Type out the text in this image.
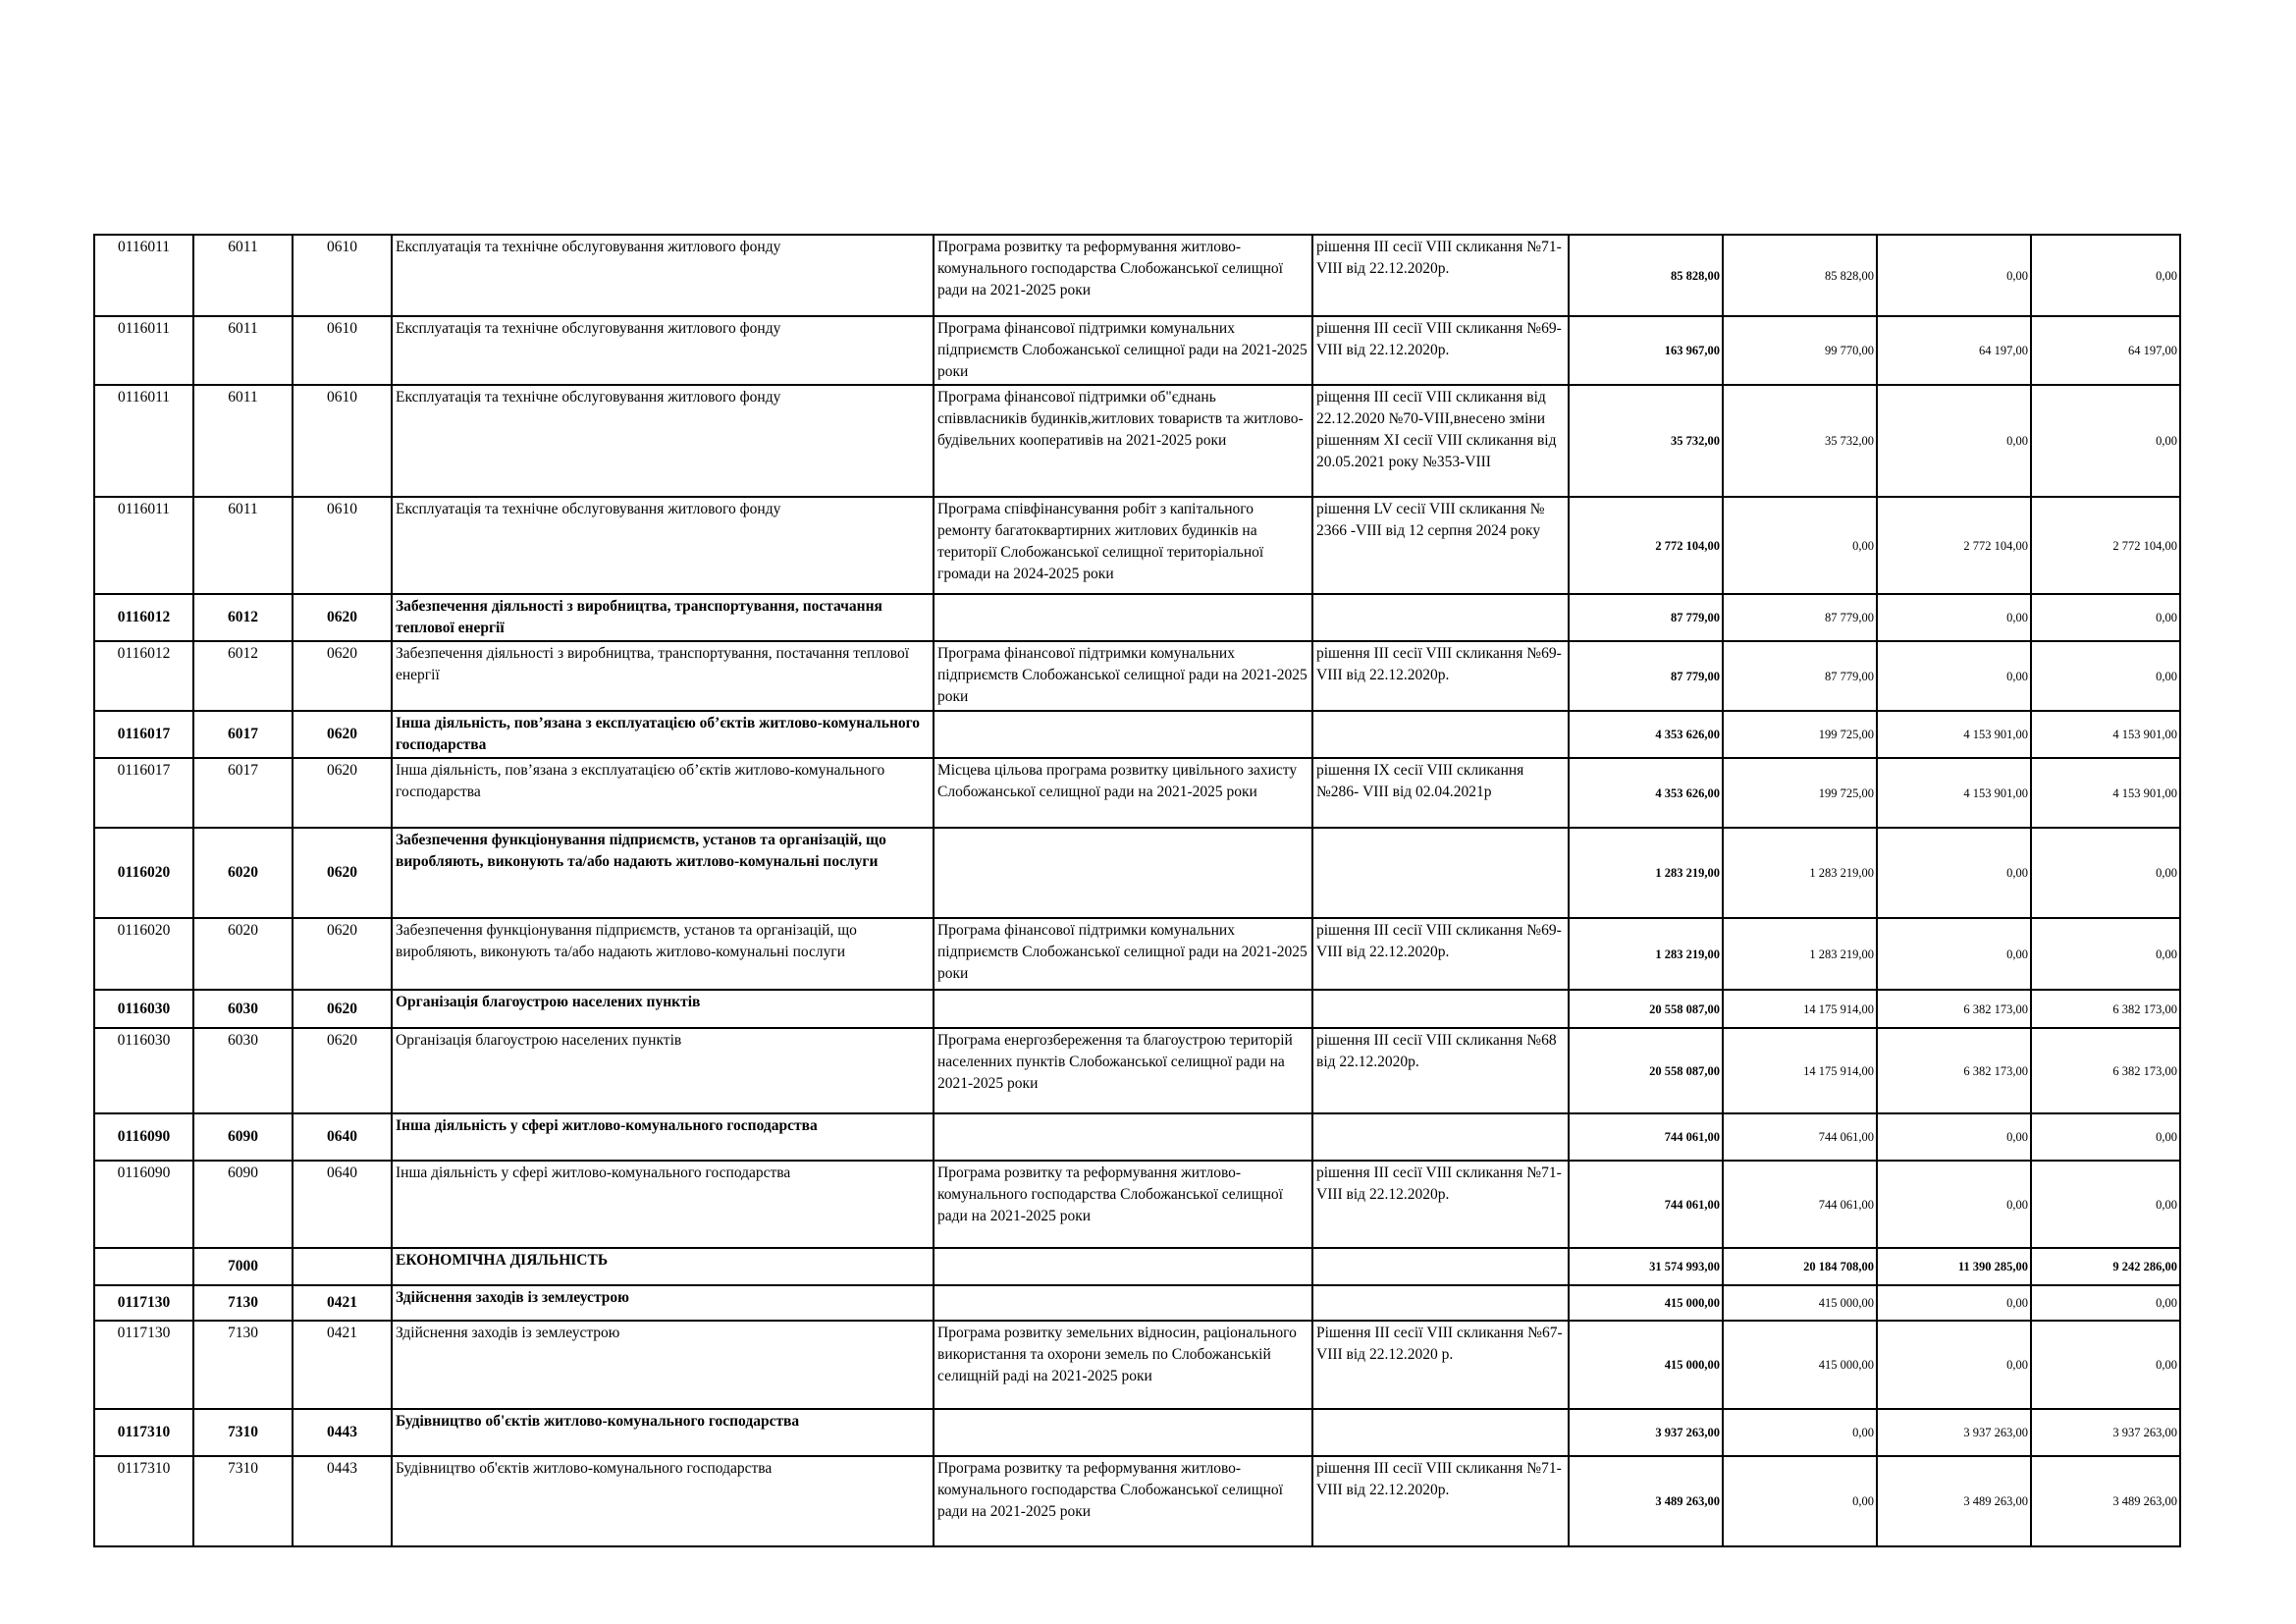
0116011	6011	0610	Експлуатація та технічне обслуговування житлового фонду	Програма розвитку та реформування житлово-комунального господарства Слобожанської селищної ради на 2021-2025 роки	рішення ІІІ сесії VIII скликання №71- VIII від 22.12.2020р.	85 828,00	85 828,00	0,00	0,00
0116011	6011	0610	Експлуатація та технічне обслуговування житлового фонду	Програма фінансової підтримки комунальних підприємств Слобожанської селищної ради на 2021-2025 роки	рішення ІІІ сесії VIII скликання №69- VIII від 22.12.2020р.	163 967,00	99 770,00	64 197,00	64 197,00
0116011	6011	0610	Експлуатація та технічне обслуговування житлового фонду	Програма фінансової підтримки об"єднань співвласників будинків,житлових товариств та житлово-будівельних кооперативів на 2021-2025 роки	ріщення ІІІ сесії VIII скликання від 22.12.2020 №70-VIII,внесено зміни рішенням ХІ сесії VIII скликання від 20.05.2021 року №353-VIII	35 732,00	35 732,00	0,00	0,00
0116011	6011	0610	Експлуатація та технічне обслуговування житлового фонду	Програма співфінансування робіт з капітального ремонту багатоквартирних житлових будинків на території Слобожанської селищної територіальної громади на 2024-2025 роки	рішення LV сесії VIII скликання № 2366 -VIII від 12 серпня 2024 року	2 772 104,00	0,00	2 772 104,00	2 772 104,00
0116012	6012	0620	Забезпечення діяльності з виробництва, транспортування, постачання теплової енергії			87 779,00	87 779,00	0,00	0,00
0116012	6012	0620	Забезпечення діяльності з виробництва, транспортування, постачання теплової енергії	Програма фінансової підтримки комунальних підприємств Слобожанської селищної ради на 2021-2025 роки	рішення ІІІ сесії VIII скликання №69- VIII від 22.12.2020р.	87 779,00	87 779,00	0,00	0,00
0116017	6017	0620	Інша діяльність, пов’язана з експлуатацією об’єктів житлово-комунального господарства			4 353 626,00	199 725,00	4 153 901,00	4 153 901,00
0116017	6017	0620	Інша діяльність, пов’язана з експлуатацією об’єктів житлово-комунального господарства	Місцева цільова програма розвитку цивільного захисту Слобожанської селищної ради на 2021-2025 роки	рішення IX сесії VIII скликання №286- VIII від 02.04.2021р	4 353 626,00	199 725,00	4 153 901,00	4 153 901,00
0116020	6020	0620	Забезпечення функціонування підприємств, установ та організацій, що виробляють, виконують та/або надають житлово-комунальні послуги			1 283 219,00	1 283 219,00	0,00	0,00
0116020	6020	0620	Забезпечення функціонування підприємств, установ та організацій, що виробляють, виконують та/або надають житлово-комунальні послуги	Програма фінансової підтримки комунальних підприємств Слобожанської селищної ради на 2021-2025 роки	рішення ІІІ сесії VIII скликання №69- VIII від 22.12.2020р.	1 283 219,00	1 283 219,00	0,00	0,00
0116030	6030	0620	Організація благоустрою населених пунктів			20 558 087,00	14 175 914,00	6 382 173,00	6 382 173,00
0116030	6030	0620	Організація благоустрою населених пунктів	Програма енергозбереження та благоустрою територій населенних пунктів Слобожанської селищної ради на 2021-2025 роки	рішення ІІІ сесії VIII скликання №68 від 22.12.2020р.	20 558 087,00	14 175 914,00	6 382 173,00	6 382 173,00
0116090	6090	0640	Інша діяльність у сфері житлово-комунального господарства			744 061,00	744 061,00	0,00	0,00
0116090	6090	0640	Інша діяльність у сфері житлово-комунального господарства	Програма розвитку та реформування житлово-комунального господарства Слобожанської селищної ради на 2021-2025 роки	рішення ІІІ сесії VIII скликання №71- VIII від 22.12.2020р.	744 061,00	744 061,00	0,00	0,00
	7000		ЕКОНОМІЧНА ДІЯЛЬНІСТЬ			31 574 993,00	20 184 708,00	11 390 285,00	9 242 286,00
0117130	7130	0421	Здійснення заходів із землеустрою			415 000,00	415 000,00	0,00	0,00
0117130	7130	0421	Здійснення заходів із землеустрою	Програма розвитку земельних відносин, раціонального використання та охорони земель по Слобожанській селищній раді на 2021-2025 роки	Рішення ІІІ сесії VIII скликання №67-VIII від 22.12.2020 р.	415 000,00	415 000,00	0,00	0,00
0117310	7310	0443	Будівництво об'єктів житлово-комунального господарства			3 937 263,00	0,00	3 937 263,00	3 937 263,00
0117310	7310	0443	Будівництво об'єктів житлово-комунального господарства	Програма розвитку та реформування житлово-комунального господарства Слобожанської селищної ради на 2021-2025 роки	рішення ІІІ сесії VIII скликання №71- VIII від 22.12.2020р.	3 489 263,00	0,00	3 489 263,00	3 489 263,00
